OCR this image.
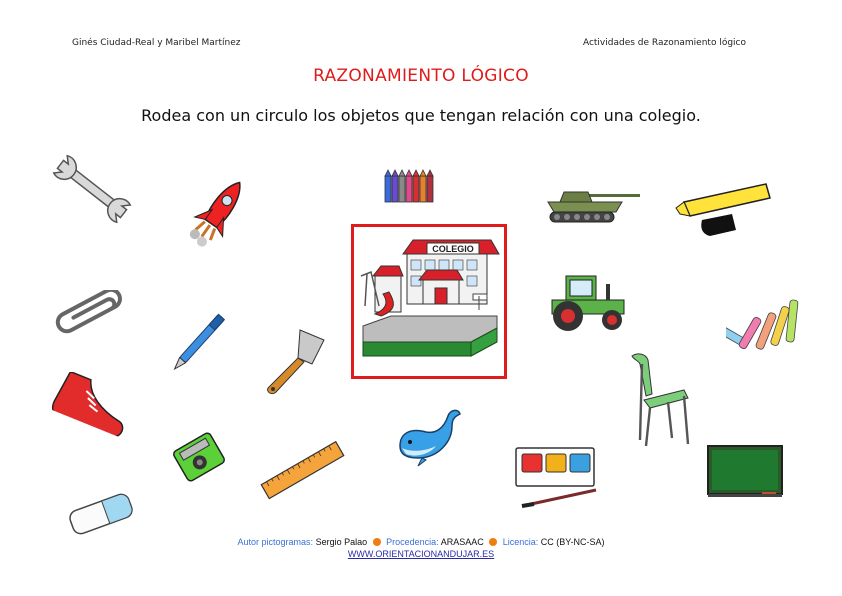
Ginés Ciudad-Real y Maribel Martínez	Actividades de Razonamiento lógico
RAZONAMIENTO LÓGICO
Rodea con un circulo los objetos que tengan relación con una colegio.
COLEGIO
Autor pictogramas: Sergio Palao Procedencia: ARASAAC Licencia: CC (BY-NC-SA)
WWW.ORIENTACIONANDUJAR.ES
